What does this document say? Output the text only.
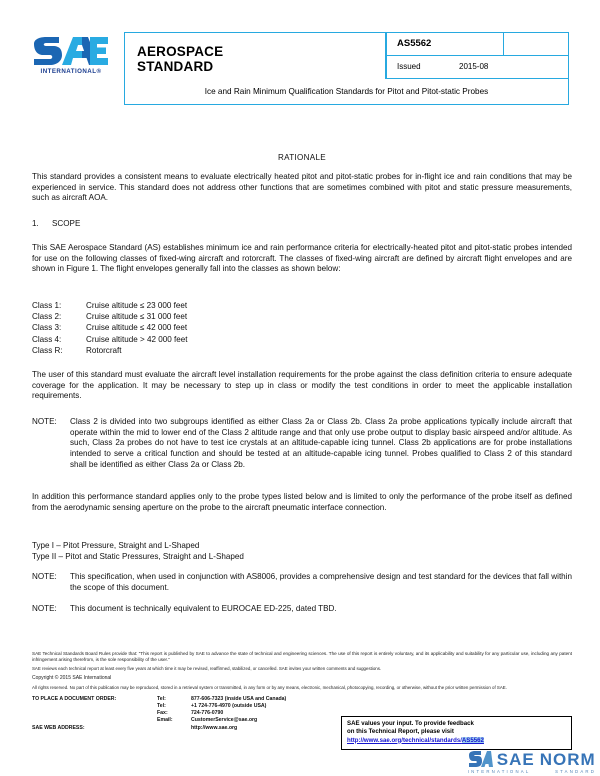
INTERNATIONAL®
AEROSPACE
STANDARD
AS5562
Issued	2015-08
Ice and Rain Minimum Qualification Standards for Pitot and Pitot-static Probes
RATIONALE

This standard provides a consistent means to evaluate electrically heated pitot and pitot-static probes for in-flight ice and rain conditions that may be experienced in service. This standard does not address other functions that are sometimes combined with pitot and static pressure measurements, such as aircraft AOA.

1. SCOPE

This SAE Aerospace Standard (AS) establishes minimum ice and rain performance criteria for electrically-heated pitot and pitot-static probes intended for use on the following classes of fixed-wing aircraft and rotorcraft. The classes of fixed-wing aircraft are defined by aircraft flight envelopes and are shown in Figure 1. The flight envelopes generally fall into the classes as shown below:

Class 1:	Cruise altitude ≤ 23 000 feet
Class 2:	Cruise altitude ≤ 31 000 feet
Class 3:	Cruise altitude ≤ 42 000 feet
Class 4:	Cruise altitude > 42 000 feet
Class R:	Rotorcraft

The user of this standard must evaluate the aircraft level installation requirements for the probe against the class definition criteria to ensure adequate coverage for the application. It may be necessary to step up in class or modify the test conditions in order to meet the applicable installation requirements.

NOTE:	Class 2 is divided into two subgroups identified as either Class 2a or Class 2b. Class 2a probe applications typically include aircraft that operate within the mid to lower end of the Class 2 altitude range and that only use probe output to display basic airspeed and/or altitude. As such, Class 2a probes do not have to test ice crystals at an altitude-capable icing tunnel. Class 2b applications are for probe installations intended to serve a critical function and should be tested at an altitude-capable icing tunnel. Probes qualified to Class 2 of this standard shall be identified as either Class 2a or Class 2b.

In addition this performance standard applies only to the probe types listed below and is limited to only the performance of the probe itself as defined from the aerodynamic sensing aperture on the probe to the aircraft pneumatic interface connection.

Type I – Pitot Pressure, Straight and L-Shaped
Type II – Pitot and Static Pressures, Straight and L-Shaped
NOTE:	This specification, when used in conjunction with AS8006, provides a comprehensive design and test standard for the devices that fall within the scope of this document.
NOTE:	This document is technically equivalent to EUROCAE ED-225, dated TBD.

SAE Technical Standards Board Rules provide that: “This report is published by SAE to advance the state of technical and engineering sciences. The use of this report is entirely voluntary, and its applicability and suitability for any particular use, including any patent infringement arising therefrom, is the sole responsibility of the user.”

SAE reviews each technical report at least every five years at which time it may be revised, reaffirmed, stabilized, or cancelled. SAE invites your written comments and suggestions.

Copyright © 2015 SAE International

All rights reserved. No part of this publication may be reproduced, stored in a retrieval system or transmitted, in any form or by any means, electronic, mechanical, photocopying, recording, or otherwise, without the prior written permission of SAE.

TO PLACE A DOCUMENT ORDER:	Tel:	877-606-7323 (inside USA and Canada)
Tel:	+1 724-776-4970 (outside USA)
Fax:	724-776-0790
Email:	CustomerService@sae.org
SAE WEB ADDRESS:	http://www.sae.org
SAE values your input. To provide feedback
on this Technical Report, please visit
http://www.sae.org/technical/standards/AS5562
SAE NORM
INTERNATIONAL	STANDARD
